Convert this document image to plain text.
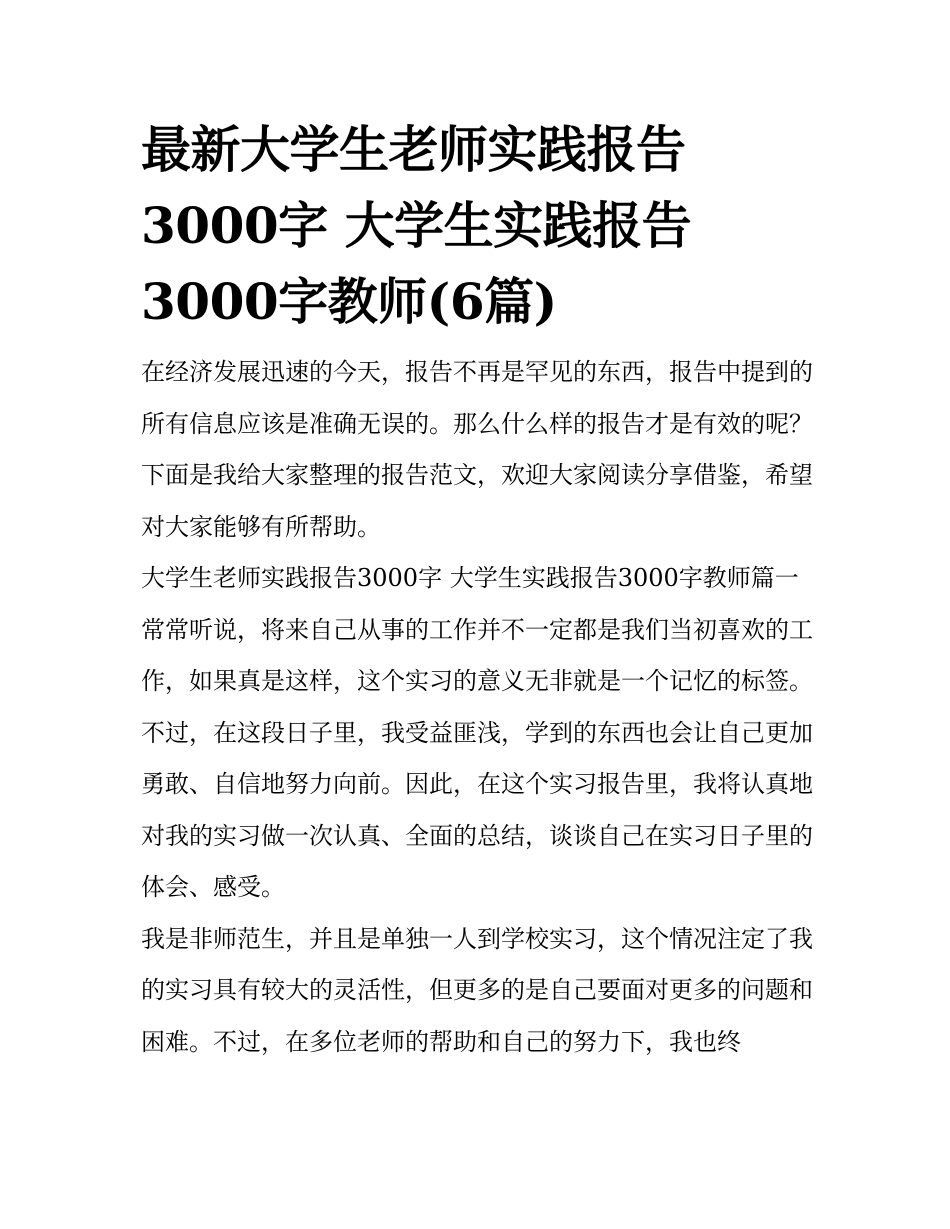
最新大学生老师实践报告3000字 大学生实践报告3000字教师(6篇)

在经济发展迅速的今天，报告不再是罕见的东西，报告中提到的所有信息应该是准确无误的。那么什么样的报告才是有效的呢？下面是我给大家整理的报告范文，欢迎大家阅读分享借鉴，希望对大家能够有所帮助。

大学生老师实践报告3000字 大学生实践报告3000字教师篇一

常常听说，将来自己从事的工作并不一定都是我们当初喜欢的工作，如果真是这样，这个实习的意义无非就是一个记忆的标签。不过，在这段日子里，我受益匪浅，学到的东西也会让自己更加勇敢、自信地努力向前。因此，在这个实习报告里，我将认真地对我的实习做一次认真、全面的总结，谈谈自己在实习日子里的体会、感受。

我是非师范生，并且是单独一人到学校实习，这个情况注定了我的实习具有较大的灵活性，但更多的是自己要面对更多的问题和困难。不过，在多位老师的帮助和自己的努力下，我也终
